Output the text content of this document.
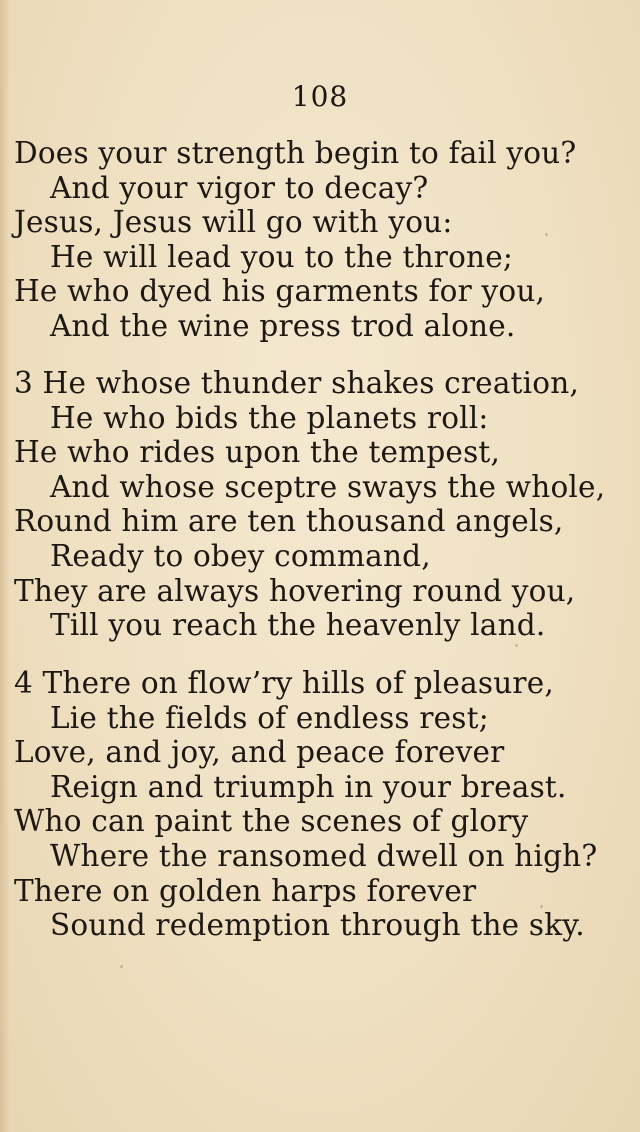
108
Does your strength begin to fail you?
And your vigor to decay?
Jesus, Jesus will go with you:
He will lead you to the throne;
He who dyed his garments for you,
And the wine press trod alone.
3 He whose thunder shakes creation,
He who bids the planets roll:
He who rides upon the tempest,
And whose sceptre sways the whole,
Round him are ten thousand angels,
Ready to obey command,
They are always hovering round you,
Till you reach the heavenly land.
4 There on flow’ry hills of pleasure,
Lie the fields of endless rest;
Love, and joy, and peace forever
Reign and triumph in your breast.
Who can paint the scenes of glory
Where the ransomed dwell on high?
There on golden harps forever
Sound redemption through the sky.
